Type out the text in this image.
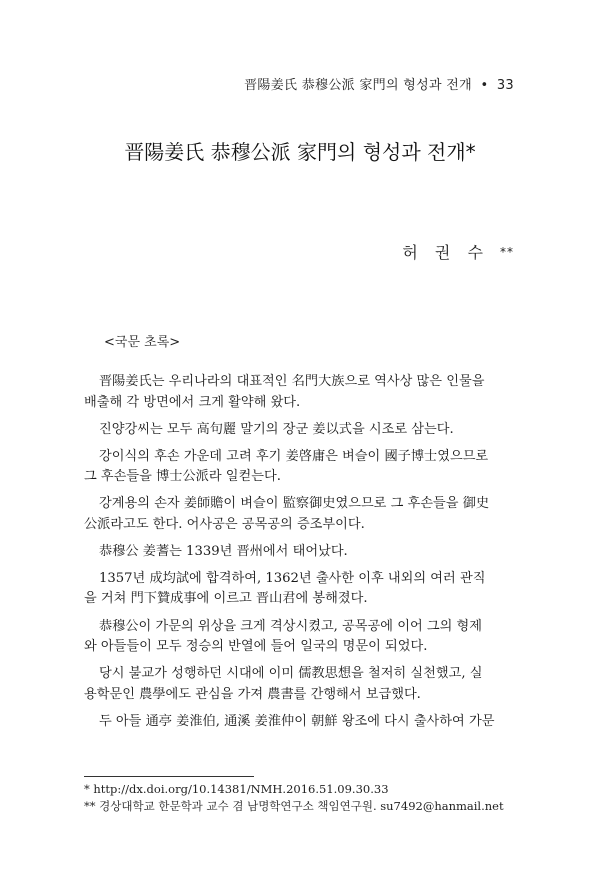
晋陽姜氏 恭穆公派 家門의 형성과 전개 • 33
晋陽姜氏 恭穆公派 家門의 형성과 전개*
허 권 수 **
<국문 초록>

晋陽姜氏는 우리나라의 대표적인 名門大族으로 역사상 많은 인물을
배출해 각 방면에서 크게 활약해 왔다.

진양강씨는 모두 高句麗 말기의 장군 姜以式을 시조로 삼는다.

강이식의 후손 가운데 고려 후기 姜啓庸은 벼슬이 國子博士였으므로
그 후손들을 博士公派라 일컫는다.

강계용의 손자 姜師贍이 벼슬이 監察御史였으므로 그 후손들을 御史
公派라고도 한다. 어사공은 공목공의 증조부이다.

恭穆公 姜蓍는 1339년 晋州에서 태어났다.

1357년 成均試에 합격하여, 1362년 출사한 이후 내외의 여러 관직
을 거쳐 門下贊成事에 이르고 晋山君에 봉해졌다.

恭穆公이 가문의 위상을 크게 격상시켰고, 공목공에 이어 그의 형제
와 아들들이 모두 정승의 반열에 들어 일국의 명문이 되었다.

당시 불교가 성행하던 시대에 이미 儒教思想을 철저히 실천했고, 실
용학문인 農學에도 관심을 가져 農書를 간행해서 보급했다.

두 아들 通亭 姜淮伯, 通溪 姜淮仲이 朝鮮 왕조에 다시 출사하여 가문

* http://dx.doi.org/10.14381/NMH.2016.51.09.30.33
** 경상대학교 한문학과 교수 겸 남명학연구소 책임연구원. su7492@hanmail.net
